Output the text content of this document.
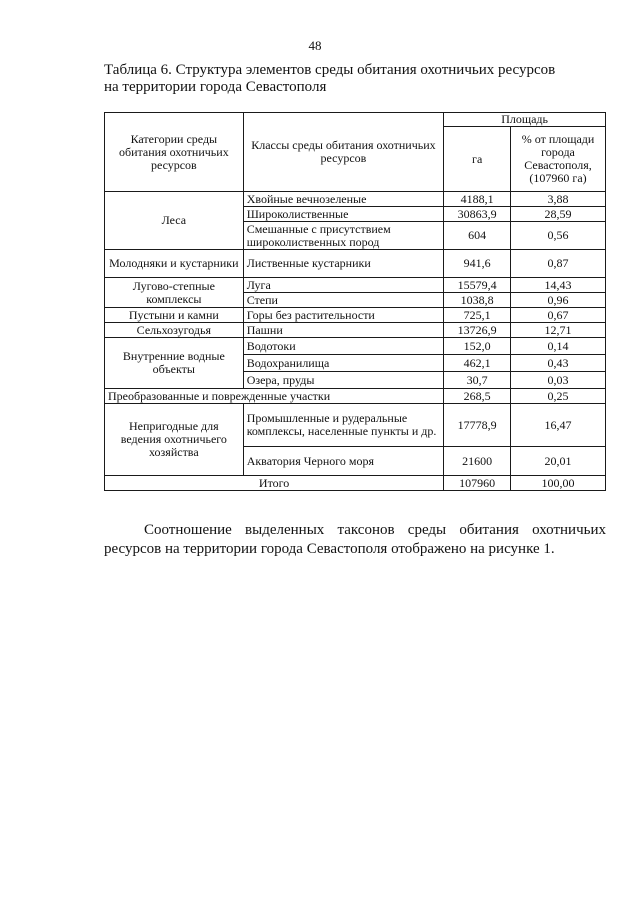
48
Таблица 6. Структура элементов среды обитания охотничьих ресурсов
на территории города Севастополя
Категории среды обитания охотничьих ресурсов	Классы среды обитания охотничьих ресурсов	Площадь	
		га	% от площади города Севастополя, (107960 га)
Леса	Хвойные вечнозеленые	4188,1	3,88
	Широколиственные	30863,9	28,59
	Смешанные с присутствием широколиственных пород	604	0,56
Молодняки и кустарники	Лиственные кустарники	941,6	0,87
Лугово-степные комплексы	Луга	15579,4	14,43
	Степи	1038,8	0,96
Пустыни и камни	Горы без растительности	725,1	0,67
Сельхозугодья	Пашни	13726,9	12,71
Внутренние водные объекты	Водотоки	152,0	0,14
	Водохранилища	462,1	0,43
	Озера, пруды	30,7	0,03
Преобразованные и поврежденные участки		268,5	0,25
Непригодные для ведения охотничьего хозяйства	Промышленные и рудеральные комплексы, населенные пункты и др.	17778,9	16,47
	Акватория Черного моря	21600	20,01
Итого		107960	100,00
Соотношение выделенных таксонов среды обитания охотничьих ресурсов на территории города Севастополя отображено на рисунке 1.
